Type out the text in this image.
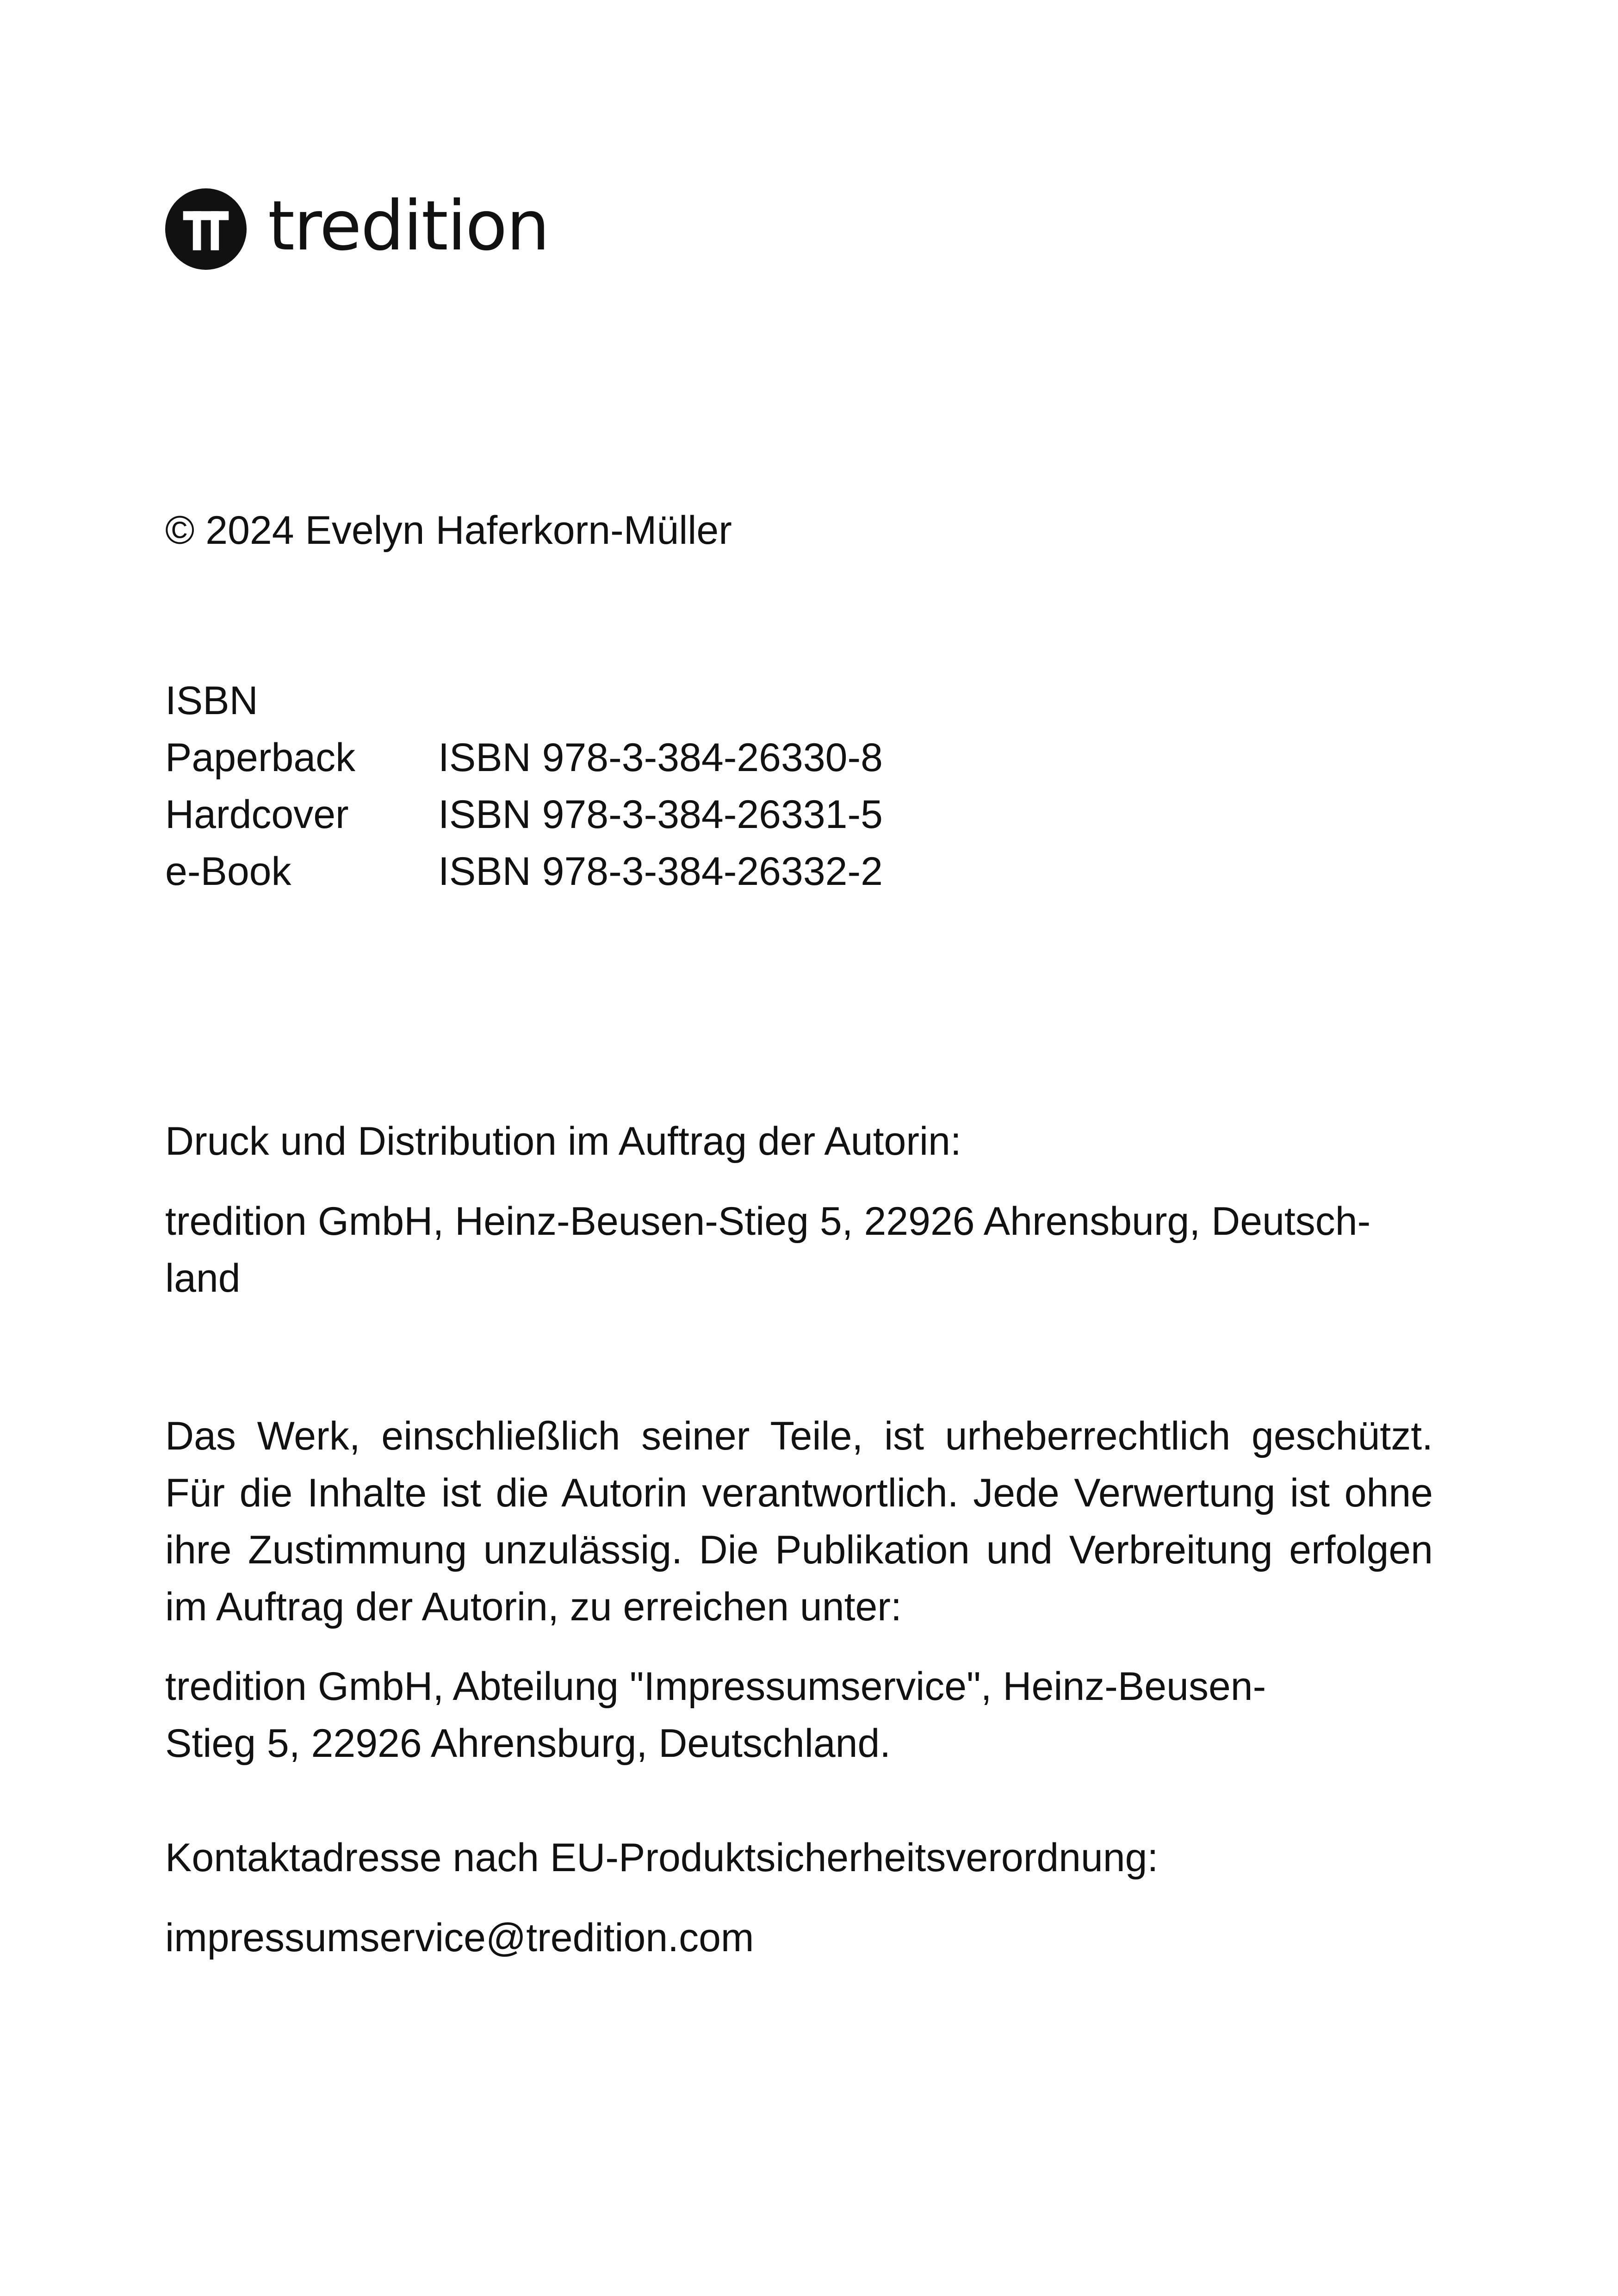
tredition
© 2024 Evelyn Haferkorn-Müller
ISBN
Paperback ISBN 978-3-384-26330-8
Hardcover ISBN 978-3-384-26331-5
e-Book	ISBN 978-3-384-26332-2
Druck und Distribution im Auftrag der Autorin:
tredition GmbH, Heinz-Beusen-Stieg 5, 22926 Ahrensburg, Deutsch-
land
Das Werk, einschließlich seiner Teile, ist urheberrechtlich geschützt. Für die Inhalte ist die Autorin verantwortlich. Jede Verwertung ist ohne ihre Zustimmung unzulässig. Die Publikation und Verbreitung erfolgen im Auftrag der Autorin, zu erreichen unter:
tredition GmbH, Abteilung "Impressumservice", Heinz-Beusen-
Stieg 5, 22926 Ahrensburg, Deutschland.
Kontaktadresse nach EU-Produktsicherheitsverordnung:
impressumservice@tredition.com
